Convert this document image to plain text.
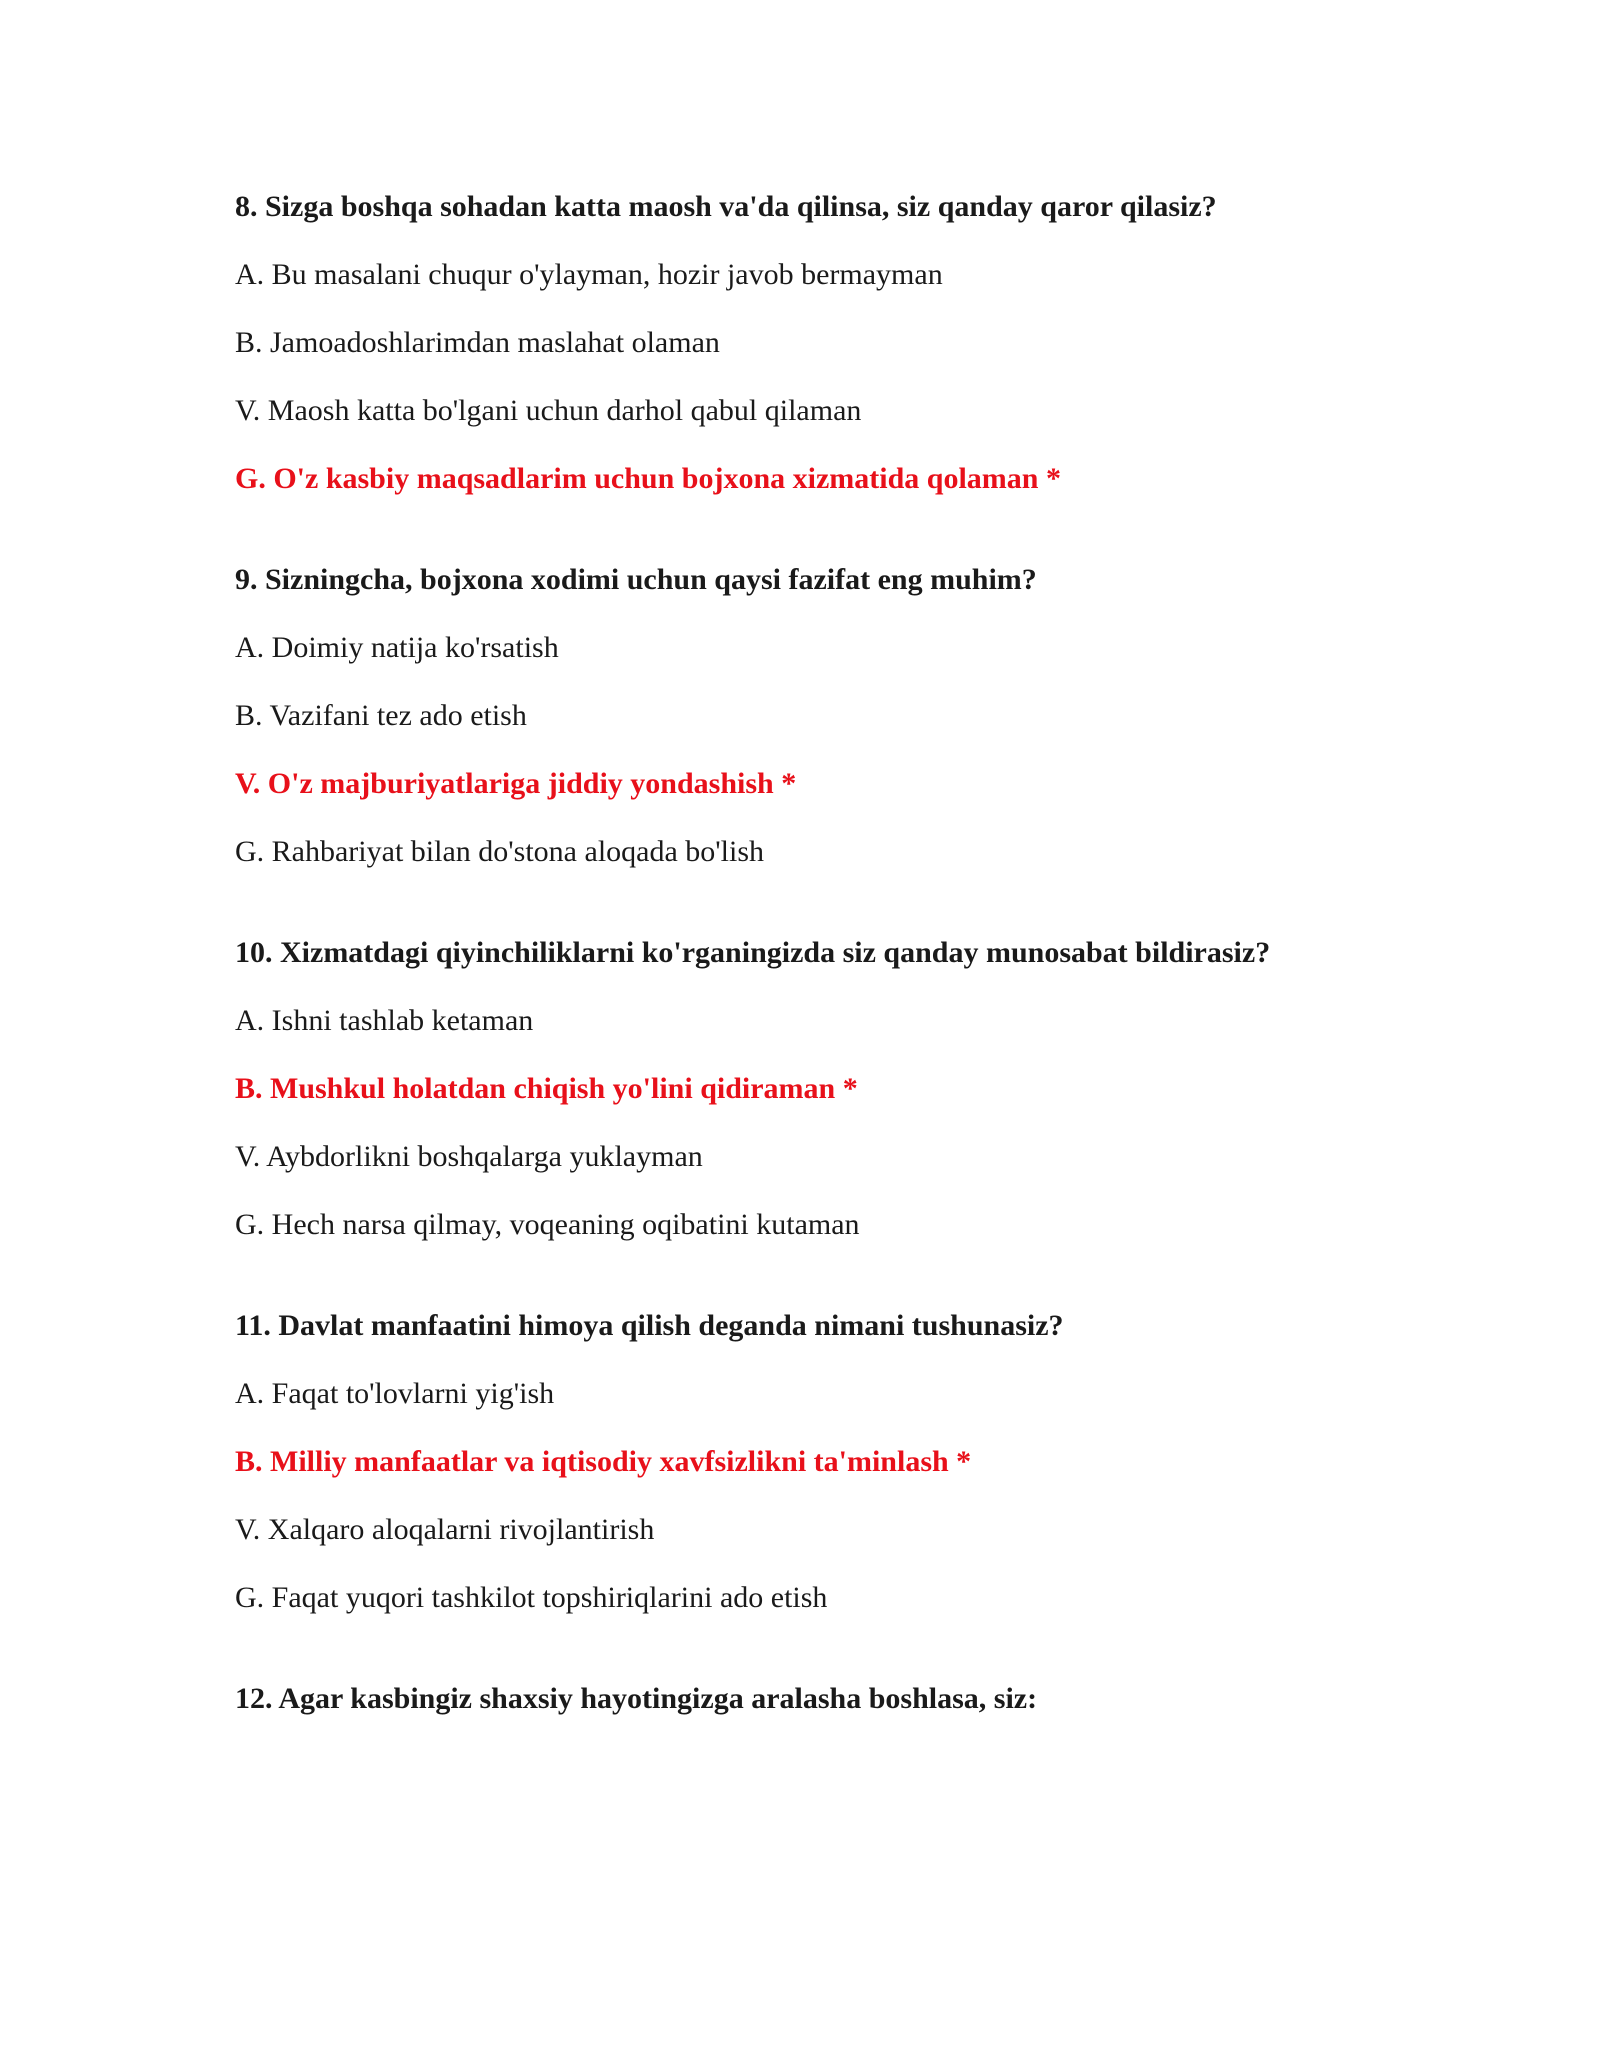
8. Sizga boshqa sohadan katta maosh va'da qilinsa, siz qanday qaror qilasiz?

A. Bu masalani chuqur o'ylayman, hozir javob bermayman

B. Jamoadoshlarimdan maslahat olaman

V. Maosh katta bo'lgani uchun darhol qabul qilaman

G. O'z kasbiy maqsadlarim uchun bojxona xizmatida qolaman *

9. Sizningcha, bojxona xodimi uchun qaysi fazifat eng muhim?

A. Doimiy natija ko'rsatish

B. Vazifani tez ado etish

V. O'z majburiyatlariga jiddiy yondashish *

G. Rahbariyat bilan do'stona aloqada bo'lish

10. Xizmatdagi qiyinchiliklarni ko'rganingizda siz qanday munosabat bildirasiz?

A. Ishni tashlab ketaman

B. Mushkul holatdan chiqish yo'lini qidiraman *

V. Aybdorlikni boshqalarga yuklayman

G. Hech narsa qilmay, voqeaning oqibatini kutaman

11. Davlat manfaatini himoya qilish deganda nimani tushunasiz?

A. Faqat to'lovlarni yig'ish

B. Milliy manfaatlar va iqtisodiy xavfsizlikni ta'minlash *

V. Xalqaro aloqalarni rivojlantirish

G. Faqat yuqori tashkilot topshiriqlarini ado etish

12. Agar kasbingiz shaxsiy hayotingizga aralasha boshlasa, siz:
